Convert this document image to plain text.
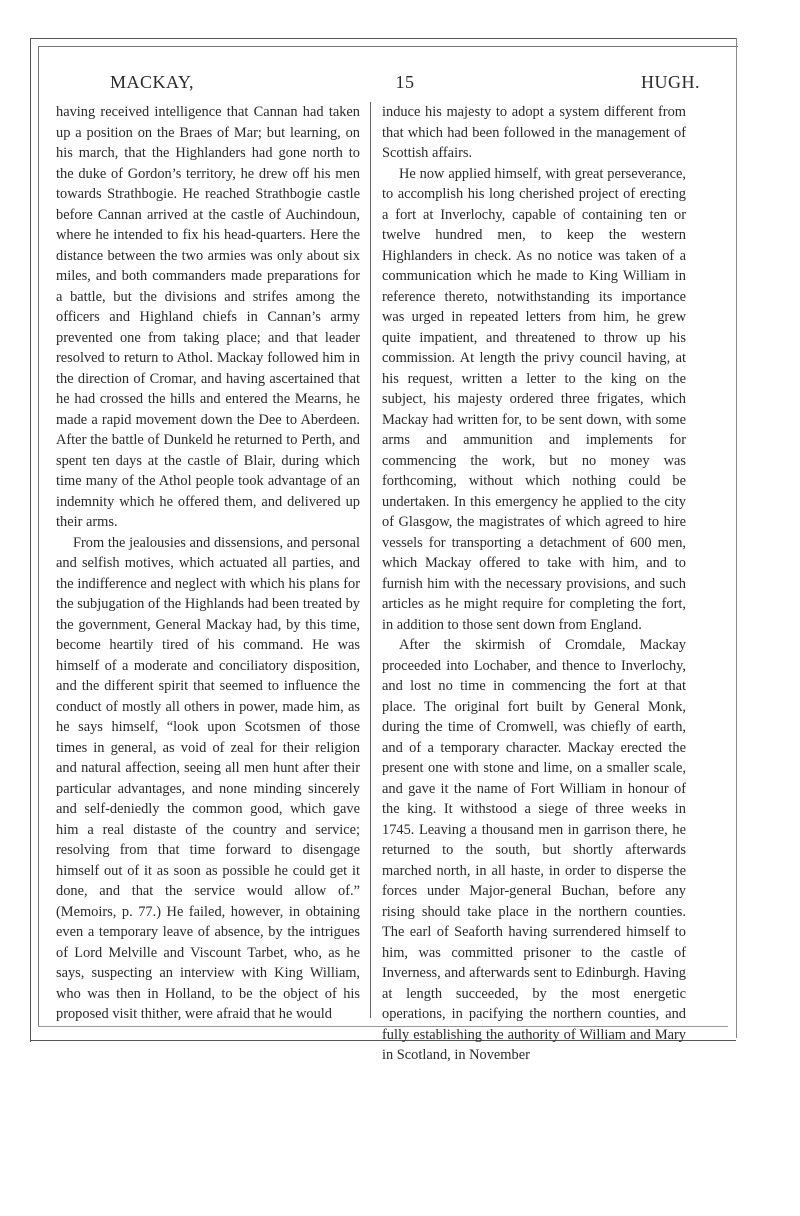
MACKAY,	15	HUGH.

having received intelligence that Cannan had taken up a position on the Braes of Mar; but learning, on his march, that the Highlanders had gone north to the duke of Gordon’s territory, he drew off his men towards Strathbogie. He reached Strathbogie castle before Cannan arrived at the castle of Auchindoun, where he intended to fix his head-quarters. Here the distance between the two armies was only about six miles, and both commanders made preparations for a battle, but the divisions and strifes among the officers and Highland chiefs in Cannan’s army prevented one from taking place; and that leader resolved to return to Athol. Mackay followed him in the direction of Cromar, and having ascertained that he had crossed the hills and entered the Mearns, he made a rapid movement down the Dee to Aberdeen. After the battle of Dunkeld he returned to Perth, and spent ten days at the castle of Blair, during which time many of the Athol people took advantage of an indemnity which he offered them, and delivered up their arms.

From the jealousies and dissensions, and personal and selfish motives, which actuated all parties, and the indifference and neglect with which his plans for the subjugation of the Highlands had been treated by the government, General Mackay had, by this time, become heartily tired of his command. He was himself of a moderate and conciliatory disposition, and the different spirit that seemed to influence the conduct of mostly all others in power, made him, as he says himself, “look upon Scotsmen of those times in general, as void of zeal for their religion and natural affection, seeing all men hunt after their particular advantages, and none minding sincerely and self-deniedly the common good, which gave him a real distaste of the country and service; resolving from that time forward to disengage himself out of it as soon as possible he could get it done, and that the service would allow of.” (Memoirs, p. 77.) He failed, however, in obtaining even a temporary leave of absence, by the intrigues of Lord Melville and Viscount Tarbet, who, as he says, suspecting an interview with King William, who was then in Holland, to be the object of his proposed visit thither, were afraid that he would

induce his majesty to adopt a system different from that which had been followed in the management of Scottish affairs.

He now applied himself, with great perseverance, to accomplish his long cherished project of erecting a fort at Inverlochy, capable of containing ten or twelve hundred men, to keep the western Highlanders in check. As no notice was taken of a communication which he made to King William in reference thereto, notwithstanding its importance was urged in repeated letters from him, he grew quite impatient, and threatened to throw up his commission. At length the privy council having, at his request, written a letter to the king on the subject, his majesty ordered three frigates, which Mackay had written for, to be sent down, with some arms and ammunition and implements for commencing the work, but no money was forthcoming, without which nothing could be undertaken. In this emergency he applied to the city of Glasgow, the magistrates of which agreed to hire vessels for transporting a detachment of 600 men, which Mackay offered to take with him, and to furnish him with the necessary provisions, and such articles as he might require for completing the fort, in addition to those sent down from England.

After the skirmish of Cromdale, Mackay proceeded into Lochaber, and thence to Inverlochy, and lost no time in commencing the fort at that place. The original fort built by General Monk, during the time of Cromwell, was chiefly of earth, and of a temporary character. Mackay erected the present one with stone and lime, on a smaller scale, and gave it the name of Fort William in honour of the king. It withstood a siege of three weeks in 1745. Leaving a thousand men in garrison there, he returned to the south, but shortly afterwards marched north, in all haste, in order to disperse the forces under Major-general Buchan, before any rising should take place in the northern counties. The earl of Seaforth having surrendered himself to him, was committed prisoner to the castle of Inverness, and afterwards sent to Edinburgh. Having at length succeeded, by the most energetic operations, in pacifying the northern counties, and fully establishing the authority of William and Mary in Scotland, in November
